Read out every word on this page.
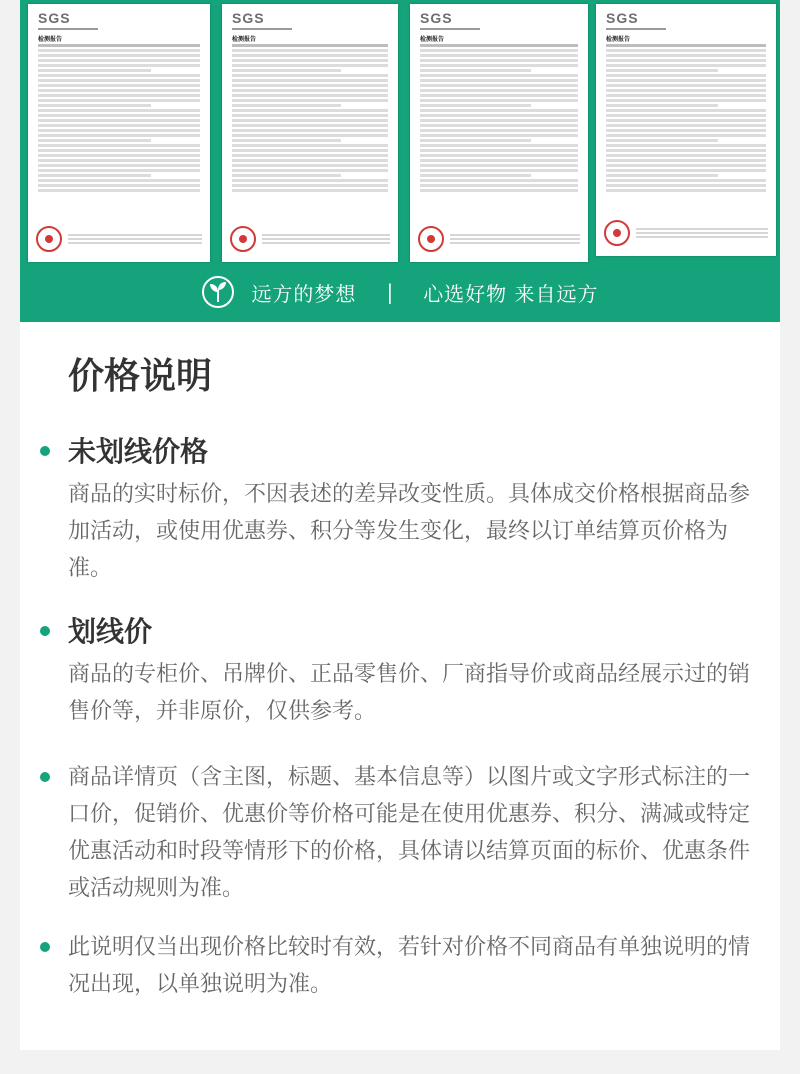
SGS
检测报告
SGS
检测报告
SGS
检测报告
SGS
检测报告
远方的梦想 | 心选好物 来自远方
价格说明
未划线价格

商品的实时标价，不因表述的差异改变性质。具体成交价格根据商品参加活动，或使用优惠券、积分等发生变化，最终以订单结算页价格为准。

划线价

商品的专柜价、吊牌价、正品零售价、厂商指导价或商品经展示过的销售价等，并非原价，仅供参考。

商品详情页（含主图，标题、基本信息等）以图片或文字形式标注的一口价，促销价、优惠价等价格可能是在使用优惠券、积分、满减或特定优惠活动和时段等情形下的价格，具体请以结算页面的标价、优惠条件或活动规则为准。

此说明仅当出现价格比较时有效，若针对价格不同商品有单独说明的情况出现，以单独说明为准。
